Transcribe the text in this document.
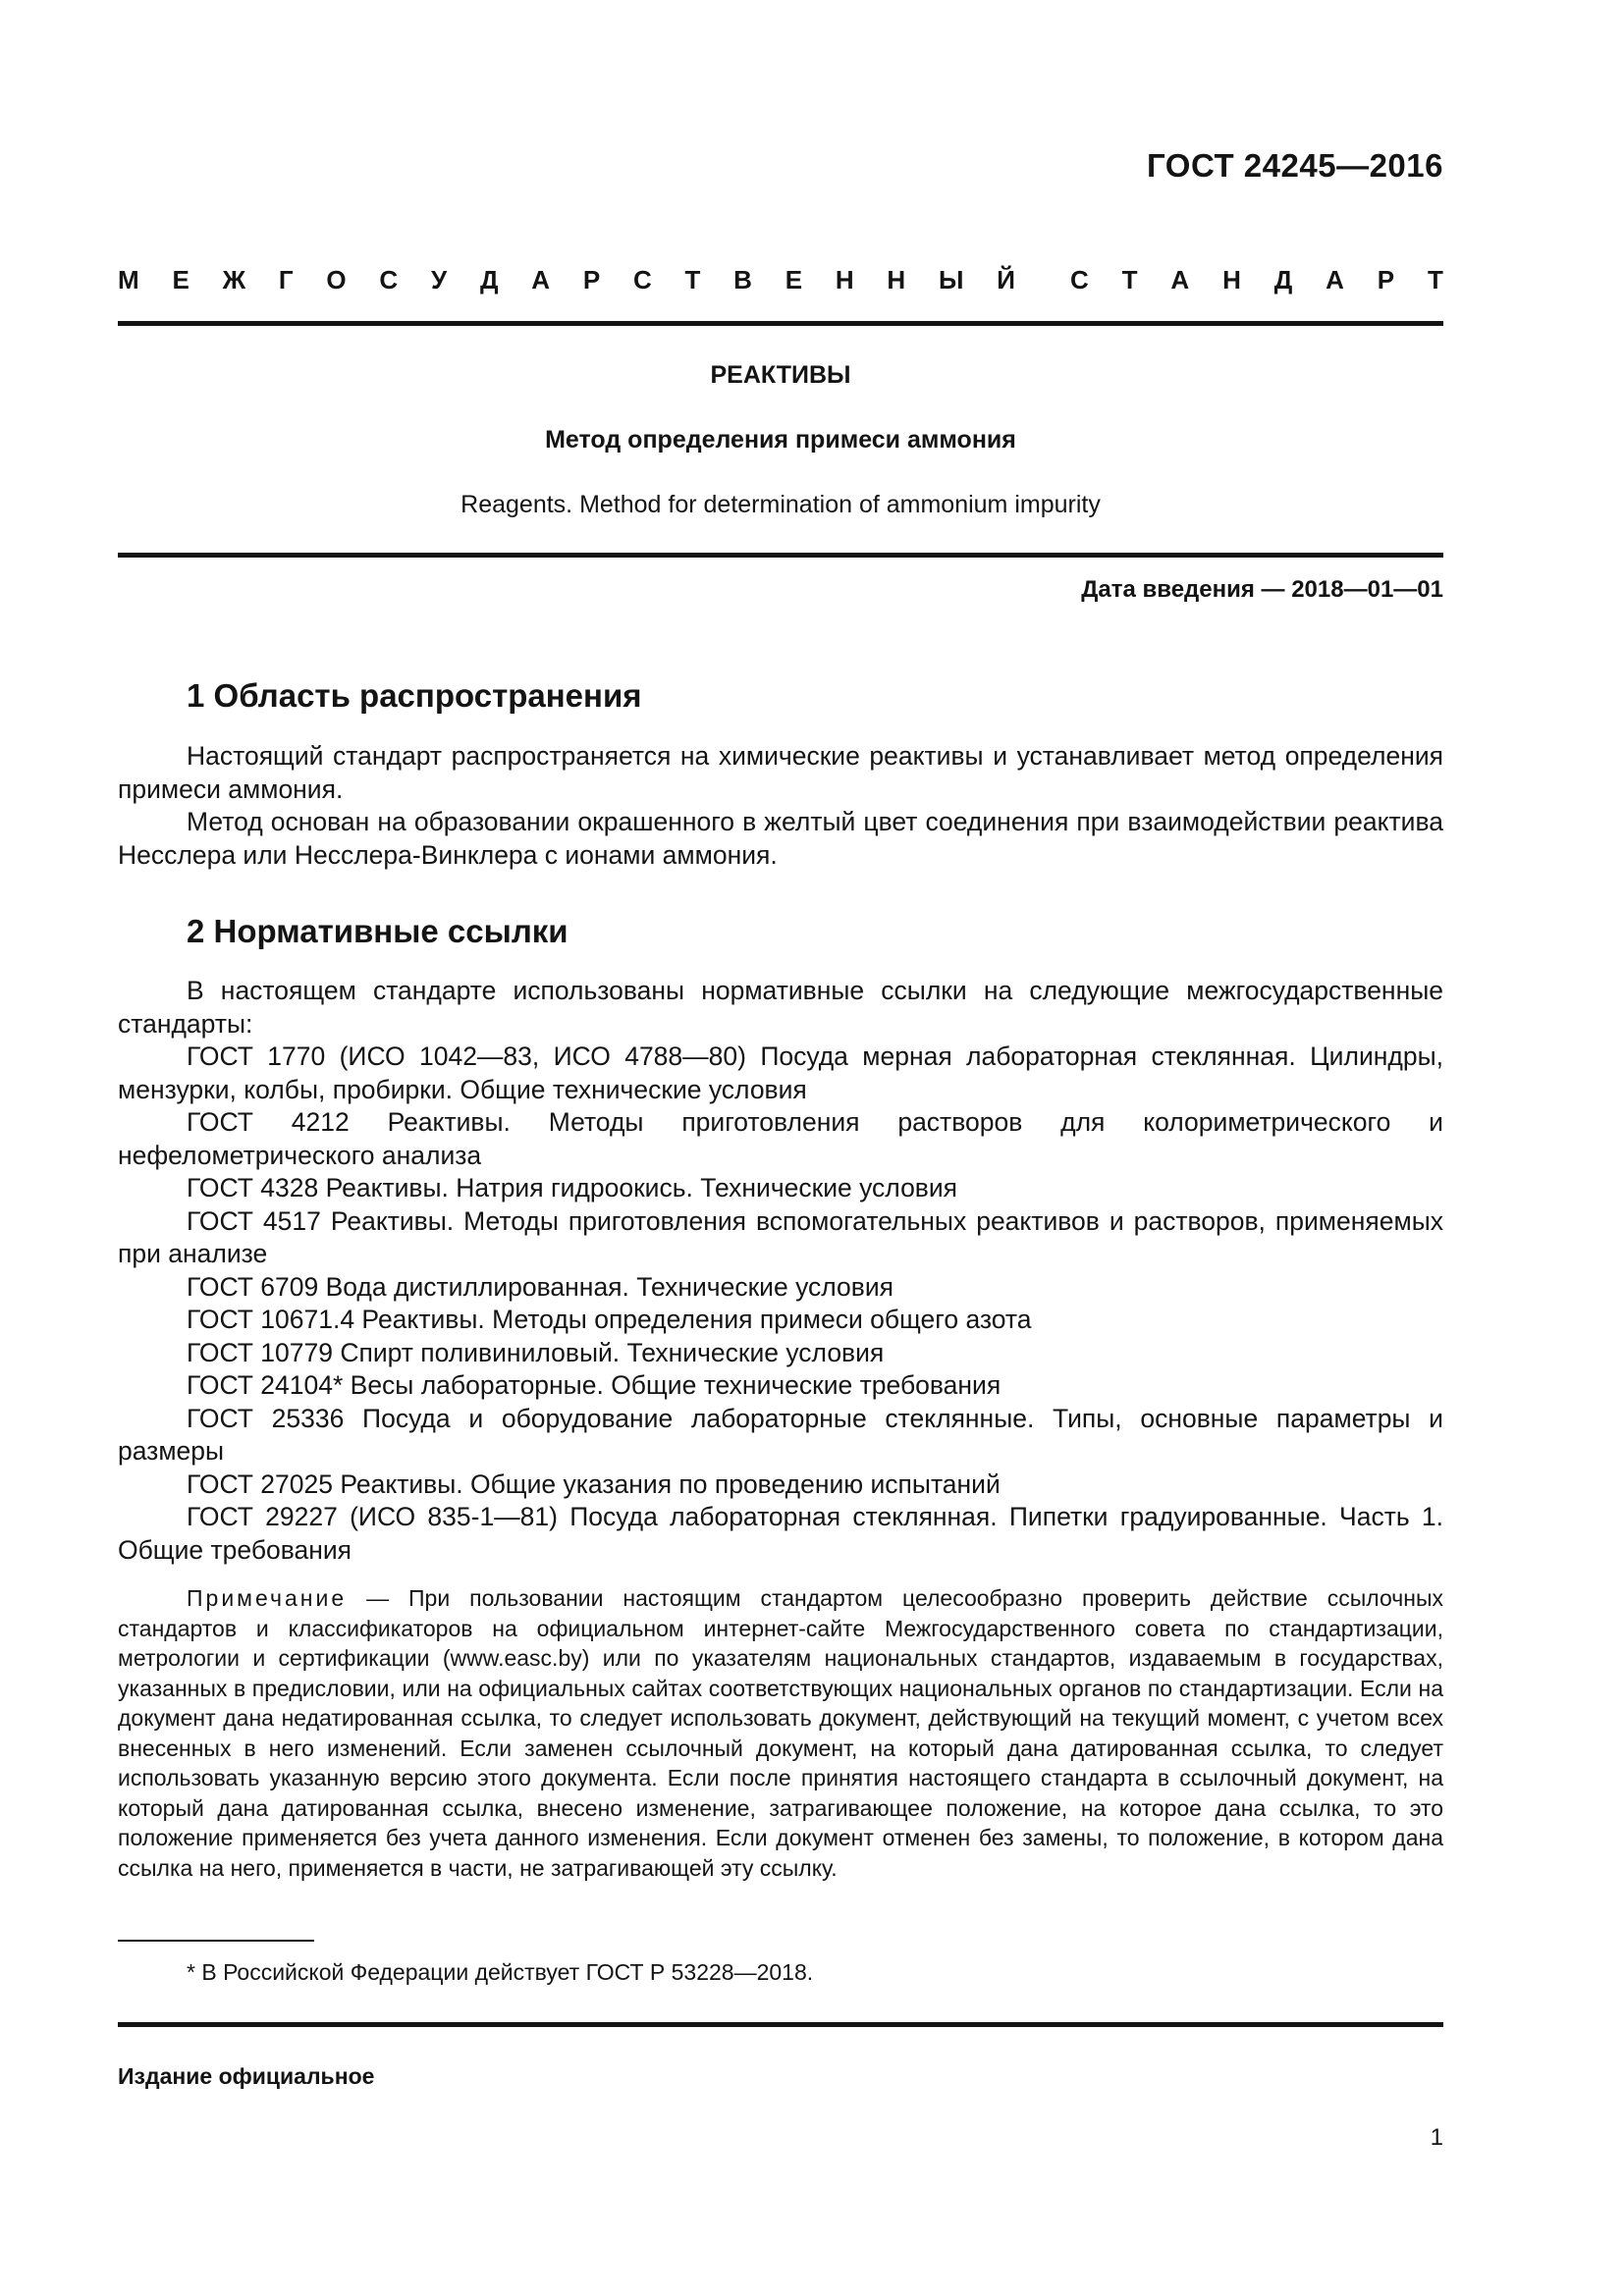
ГОСТ 24245—2016
М Е Ж Г О С У Д А Р С Т В Е Н Н Ы Й С Т А Н Д А Р Т
РЕАКТИВЫ
Метод определения примеси аммония
Reagents. Method for determination of ammonium impurity
Дата введения — 2018—01—01
1 Область распространения

Настоящий стандарт распространяется на химические реактивы и устанавливает метод определения примеси аммония.

Метод основан на образовании окрашенного в желтый цвет соединения при взаимодействии реактива Несслера или Несслера-Винклера с ионами аммония.

2 Нормативные ссылки

В настоящем стандарте использованы нормативные ссылки на следующие межгосударственные стандарты:

ГОСТ 1770 (ИСО 1042—83, ИСО 4788—80) Посуда мерная лабораторная стеклянная. Цилиндры, мензурки, колбы, пробирки. Общие технические условия

ГОСТ 4212 Реактивы. Методы приготовления растворов для колориметрического и нефелометрического анализа

ГОСТ 4328 Реактивы. Натрия гидроокись. Технические условия

ГОСТ 4517 Реактивы. Методы приготовления вспомогательных реактивов и растворов, применяемых при анализе

ГОСТ 6709 Вода дистиллированная. Технические условия

ГОСТ 10671.4 Реактивы. Методы определения примеси общего азота

ГОСТ 10779 Спирт поливиниловый. Технические условия

ГОСТ 24104* Весы лабораторные. Общие технические требования

ГОСТ 25336 Посуда и оборудование лабораторные стеклянные. Типы, основные параметры и размеры

ГОСТ 27025 Реактивы. Общие указания по проведению испытаний

ГОСТ 29227 (ИСО 835-1—81) Посуда лабораторная стеклянная. Пипетки градуированные. Часть 1. Общие требования

Примечание — При пользовании настоящим стандартом целесообразно проверить действие ссылочных стандартов и классификаторов на официальном интернет-сайте Межгосударственного совета по стандартизации, метрологии и сертификации (www.easc.by) или по указателям национальных стандартов, издаваемым в государствах, указанных в предисловии, или на официальных сайтах соответствующих национальных органов по стандартизации. Если на документ дана недатированная ссылка, то следует использовать документ, действующий на текущий момент, с учетом всех внесенных в него изменений. Если заменен ссылочный документ, на который дана датированная ссылка, то следует использовать указанную версию этого документа. Если после принятия настоящего стандарта в ссылочный документ, на который дана датированная ссылка, внесено изменение, затрагивающее положение, на которое дана ссылка, то это положение применяется без учета данного изменения. Если документ отменен без замены, то положение, в котором дана ссылка на него, применяется в части, не затрагивающей эту ссылку.

* В Российской Федерации действует ГОСТ Р 53228—2018.
Издание официальное
1
